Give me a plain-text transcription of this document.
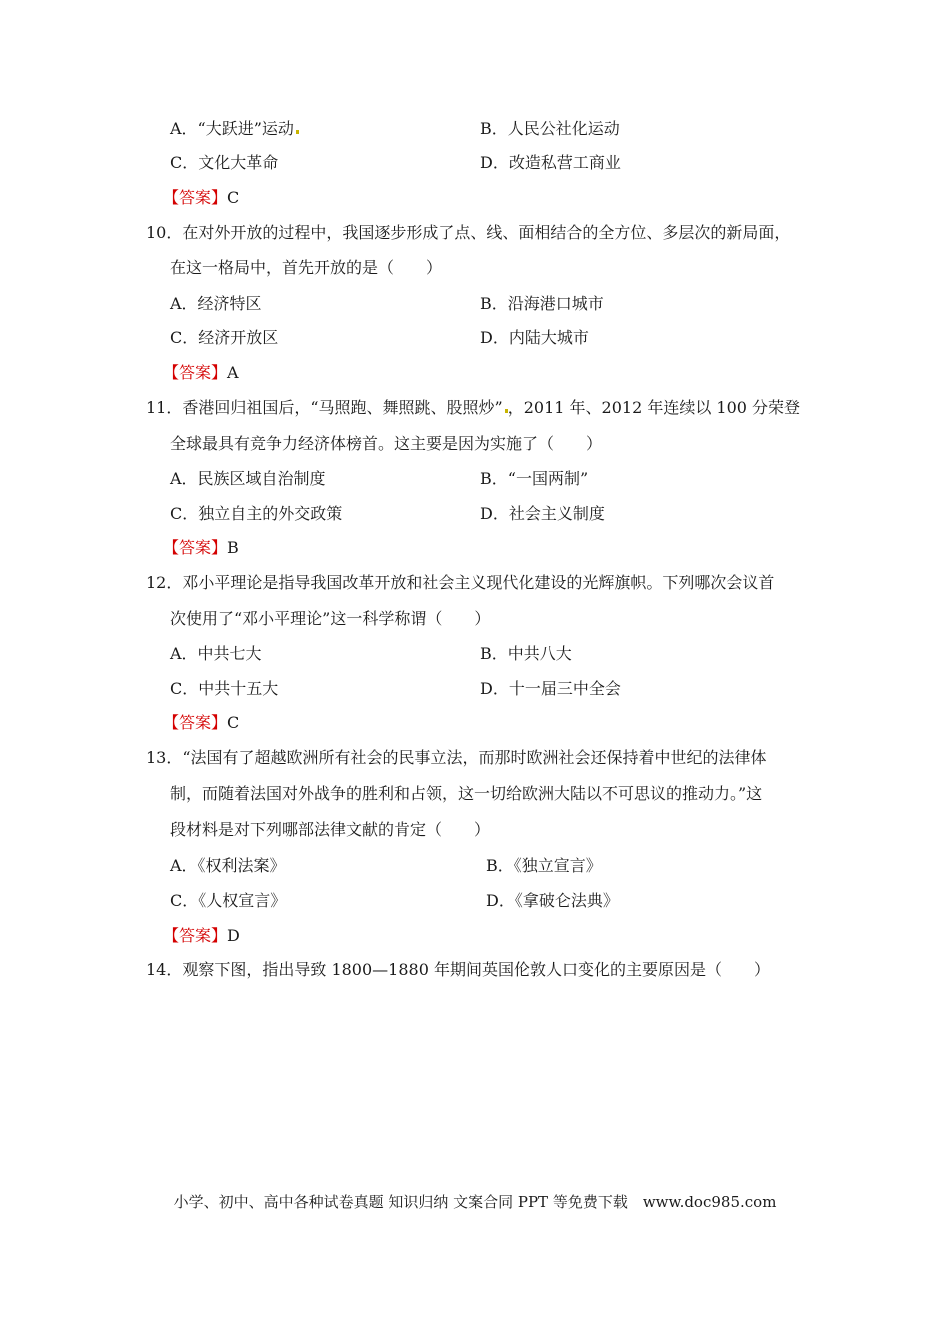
A．“大跃进”运动	B．人民公社化运动
C．文化大革命	D．改造私营工商业
【答案】C
10．在对外开放的过程中，我国逐步形成了点、线、面相结合的全方位、多层次的新局面，
在这一格局中，首先开放的是（　　）
A．经济特区	B．沿海港口城市
C．经济开放区	D．内陆大城市
【答案】A
11．香港回归祖国后，“马照跑、舞照跳、股照炒” ，2011 年、2012 年连续以 100 分荣登
全球最具有竞争力经济体榜首。这主要是因为实施了（　　）
A．民族区域自治制度	B．“一国两制”
C．独立自主的外交政策	D．社会主义制度
【答案】B
12．邓小平理论是指导我国改革开放和社会主义现代化建设的光辉旗帜。下列哪次会议首
次使用了“邓小平理论”这一科学称谓（　　）
A．中共七大	B．中共八大
C．中共十五大	D．十一届三中全会
【答案】C
13．“法国有了超越欧洲所有社会的民事立法，而那时欧洲社会还保持着中世纪的法律体
制，而随着法国对外战争的胜利和占领，这一切给欧洲大陆以不可思议的推动力。”这
段材料是对下列哪部法律文献的肯定（　　）
A．《权利法案》	B．《独立宣言》
C．《人权宣言》	D．《拿破仑法典》
【答案】D
14．观察下图，指出导致 1800—1880 年期间英国伦敦人口变化的主要原因是（　　）
小学、初中、高中各种试卷真题 知识归纳 文案合同 PPT 等免费下载　www.doc985.com
